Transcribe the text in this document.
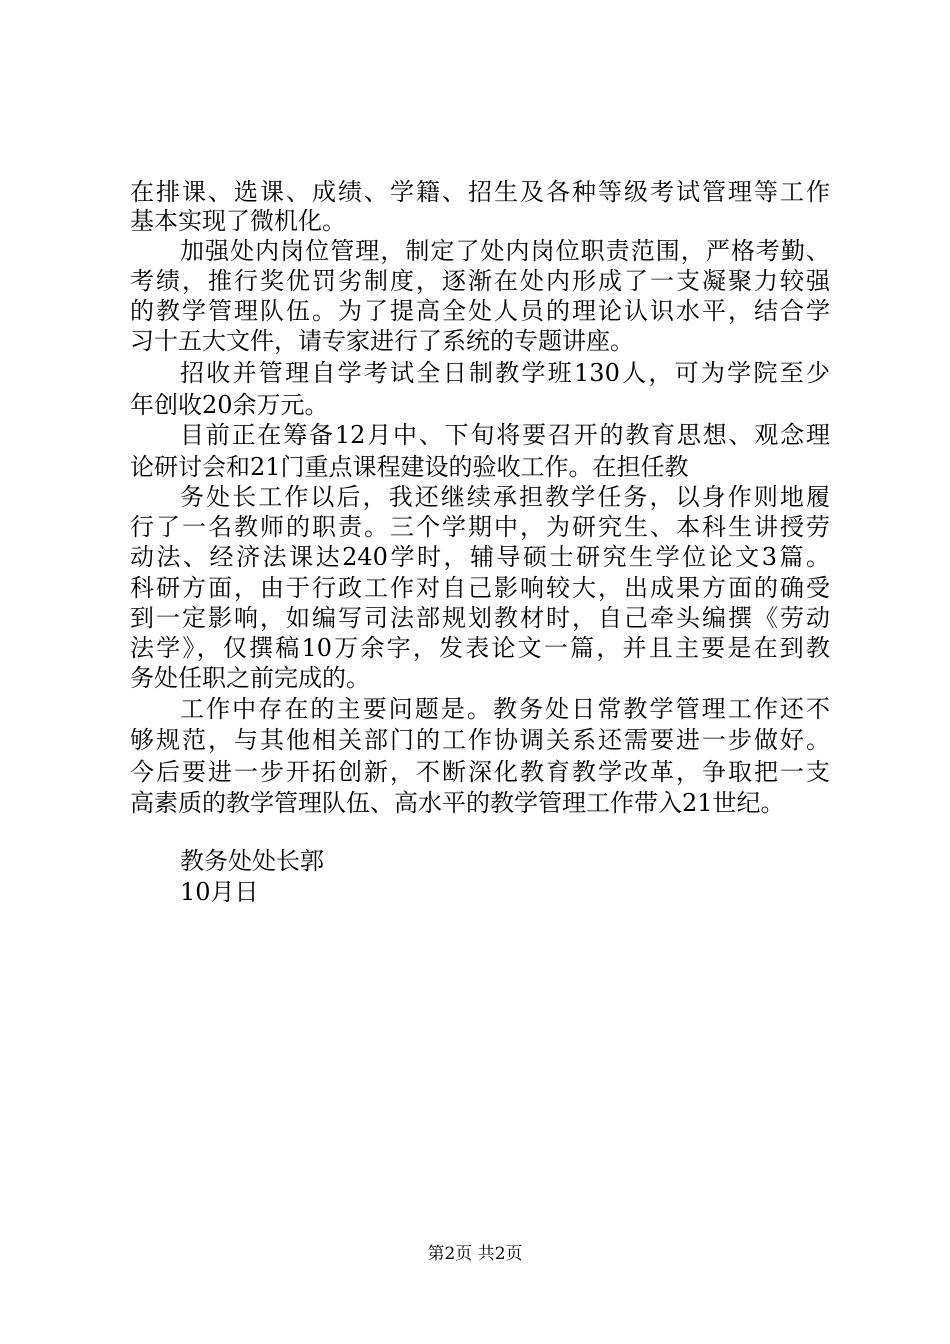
在排课、选课、成绩、学籍、招生及各种等级考试管理等工作
基本实现了微机化。
加强处内岗位管理，制定了处内岗位职责范围，严格考勤、
考绩，推行奖优罚劣制度，逐渐在处内形成了一支凝聚力较强
的教学管理队伍。为了提高全处人员的理论认识水平，结合学
习十五大文件，请专家进行了系统的专题讲座。
招收并管理自学考试全日制教学班130人，可为学院至少
年创收20余万元。
目前正在筹备12月中、下旬将要召开的教育思想、观念理
论研讨会和21门重点课程建设的验收工作。在担任教
务处长工作以后，我还继续承担教学任务，以身作则地履
行了一名教师的职责。三个学期中，为研究生、本科生讲授劳
动法、经济法课达240学时，辅导硕士研究生学位论文3篇。
科研方面，由于行政工作对自己影响较大，出成果方面的确受
到一定影响，如编写司法部规划教材时，自己牵头编撰《劳动
法学》，仅撰稿10万余字，发表论文一篇，并且主要是在到教
务处任职之前完成的。
工作中存在的主要问题是。教务处日常教学管理工作还不
够规范，与其他相关部门的工作协调关系还需要进一步做好。
今后要进一步开拓创新，不断深化教育教学改革，争取把一支
高素质的教学管理队伍、高水平的教学管理工作带入21世纪。
教务处处长郭
10月日
第2页 共2页
